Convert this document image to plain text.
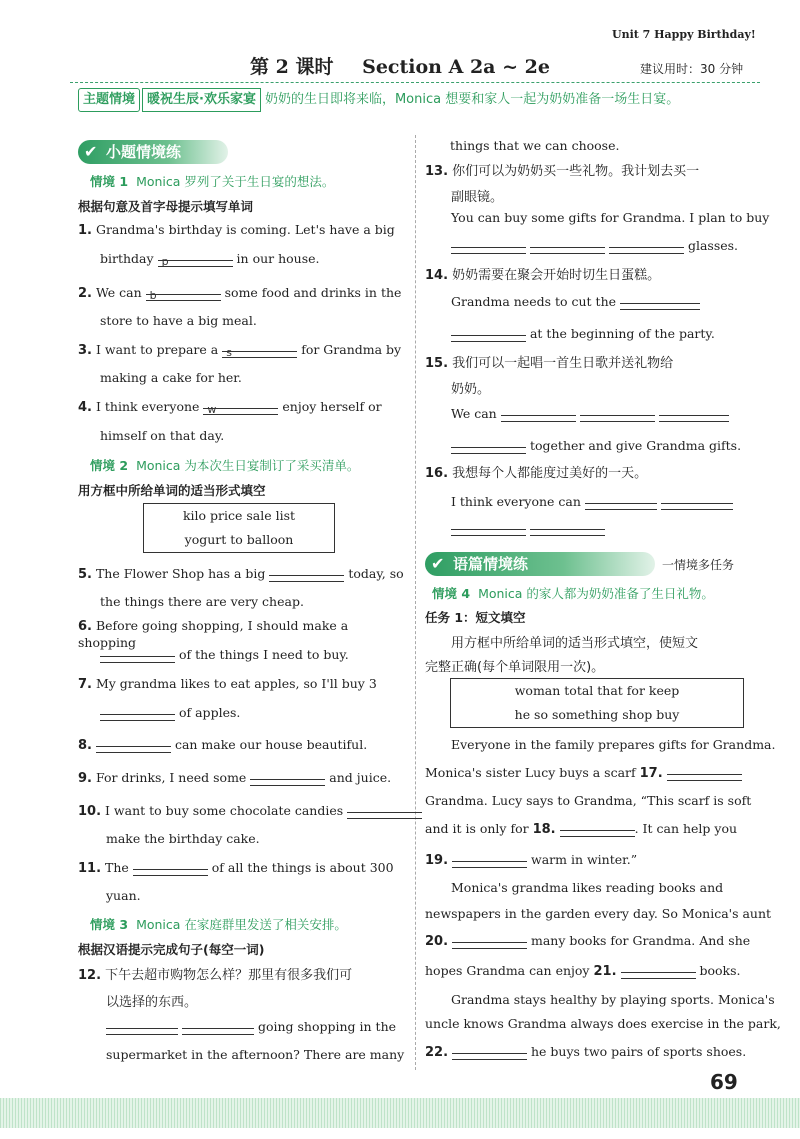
Unit 7 Happy Birthday!
第 2 课时 Section A 2a ~ 2e	建议用时：30 分钟
主题情境 暖祝生辰·欢乐家宴 奶奶的生日即将来临，Monica 想要和家人一起为奶奶准备一场生日宴。
✔ 小题情境练
情境 1 Monica 罗列了关于生日宴的想法。
根据句意及首字母提示填写单词
1. Grandma's birthday is coming. Let's have a big
birthday p	in our house.
2. We can b	some food and drinks in the
store to have a big meal.
3. I want to prepare a s	for Grandma by
making a cake for her.
4. I think everyone w	enjoy herself or
himself on that day.
情境 2 Monica 为本次生日宴制订了采买清单。
用方框中所给单词的适当形式填空
kilo price sale list
yogurt to balloon
5. The Flower Shop has a big	today, so
the things there are very cheap.
6. Before going shopping, I should make a shopping
of the things I need to buy.
7. My grandma likes to eat apples, so I'll buy 3
of apples.
8.	can make our house beautiful.
9. For drinks, I need some	and juice.
10. I want to buy some chocolate candies
make the birthday cake.
11. The	of all the things is about 300
yuan.
情境 3 Monica 在家庭群里发送了相关安排。
根据汉语提示完成句子(每空一词)
12. 下午去超市购物怎么样？那里有很多我们可
以选择的东西。
going shopping in the
supermarket in the afternoon? There are many
things that we can choose.
13. 你们可以为奶奶买一些礼物。我计划去买一
副眼镜。
You can buy some gifts for Grandma. I plan to buy
glasses.
14. 奶奶需要在聚会开始时切生日蛋糕。
Grandma needs to cut the
at the beginning of the party.
15. 我们可以一起唱一首生日歌并送礼物给
奶奶。
We can
together and give Grandma gifts.
16. 我想每个人都能度过美好的一天。
I think everyone can

✔ 语篇情境练	一情境多任务
情境 4 Monica 的家人都为奶奶准备了生日礼物。
任务 1：短文填空
用方框中所给单词的适当形式填空，使短文
完整正确(每个单词限用一次)。
woman total that for keep
he so something shop buy
Everyone in the family prepares gifts for Grandma.
Monica's sister Lucy buys a scarf 17.
Grandma. Lucy says to Grandma, “This scarf is soft
and it is only for 18.	. It can help you
19.	warm in winter.”
Monica's grandma likes reading books and
newspapers in the garden every day. So Monica's aunt
20.	many books for Grandma. And she
hopes Grandma can enjoy 21.	books.
Grandma stays healthy by playing sports. Monica's
uncle knows Grandma always does exercise in the park,
22.	he buys two pairs of sports shoes.
69
